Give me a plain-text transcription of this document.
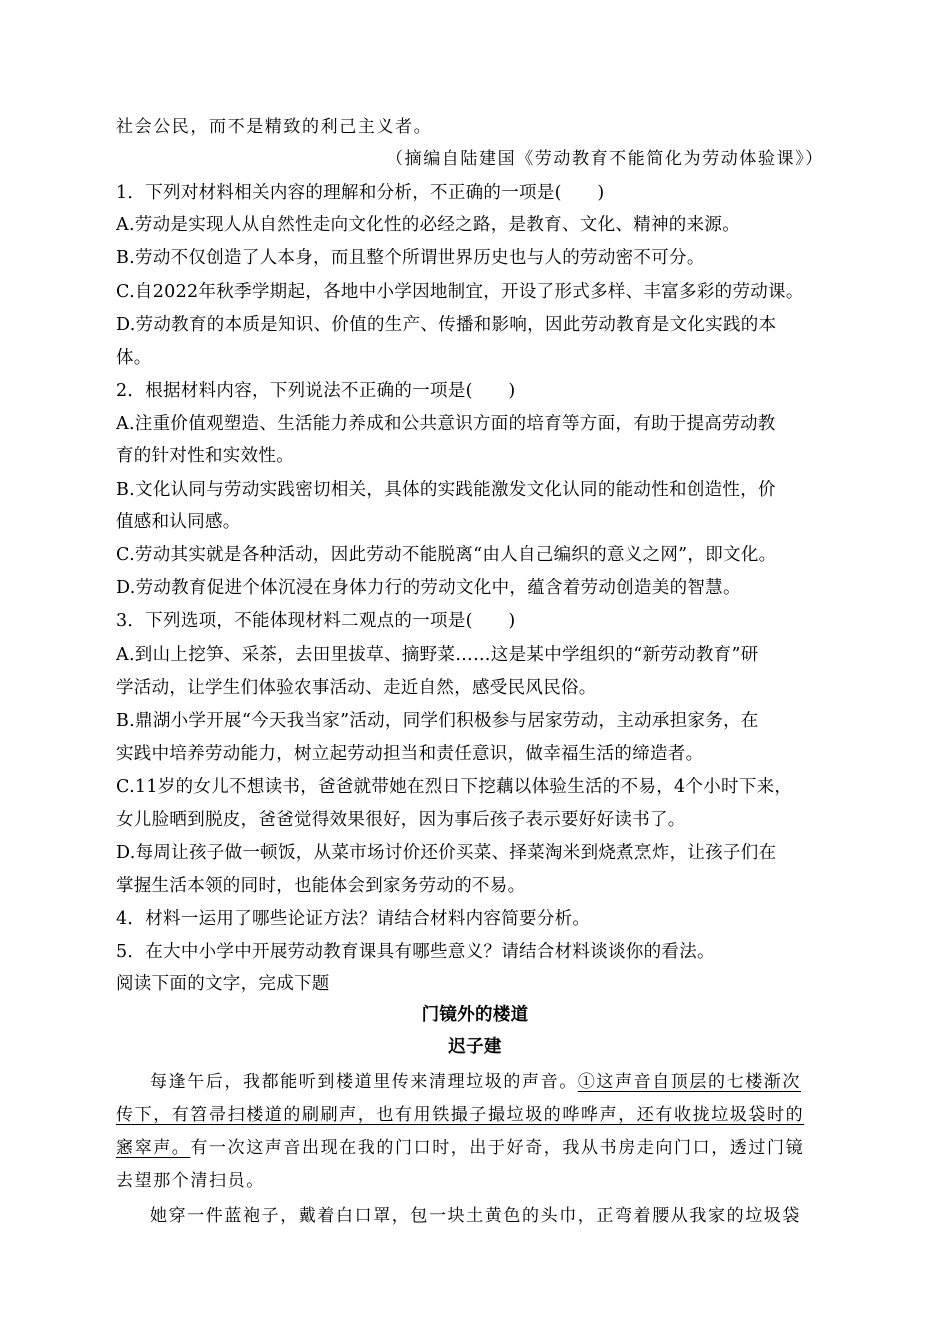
社会公民，而不是精致的利己主义者。
（摘编自陆建国《劳动教育不能简化为劳动体验课》）
1．下列对材料相关内容的理解和分析，不正确的一项是(　　)
A.劳动是实现人从自然性走向文化性的必经之路，是教育、文化、精神的来源。
B.劳动不仅创造了人本身，而且整个所谓世界历史也与人的劳动密不可分。
C.自2022年秋季学期起，各地中小学因地制宜，开设了形式多样、丰富多彩的劳动课。
D.劳动教育的本质是知识、价值的生产、传播和影响，因此劳动教育是文化实践的本
体。
2．根据材料内容，下列说法不正确的一项是(　　)
A.注重价值观塑造、生活能力养成和公共意识方面的培育等方面，有助于提高劳动教
育的针对性和实效性。
B.文化认同与劳动实践密切相关，具体的实践能激发文化认同的能动性和创造性，价
值感和认同感。
C.劳动其实就是各种活动，因此劳动不能脱离“由人自己编织的意义之网”，即文化。
D.劳动教育促进个体沉浸在身体力行的劳动文化中，蕴含着劳动创造美的智慧。
3．下列选项，不能体现材料二观点的一项是(　　)
A.到山上挖笋、采茶，去田里拔草、摘野菜……这是某中学组织的“新劳动教育”研
学活动，让学生们体验农事活动、走近自然，感受民风民俗。
B.鼎湖小学开展“今天我当家”活动，同学们积极参与居家劳动，主动承担家务，在
实践中培养劳动能力，树立起劳动担当和责任意识，做幸福生活的缔造者。
C.11岁的女儿不想读书，爸爸就带她在烈日下挖藕以体验生活的不易，4个小时下来，
女儿脸晒到脱皮，爸爸觉得效果很好，因为事后孩子表示要好好读书了。
D.每周让孩子做一顿饭，从菜市场讨价还价买菜、择菜淘米到烧煮烹炸，让孩子们在
掌握生活本领的同时，也能体会到家务劳动的不易。
4．材料一运用了哪些论证方法？请结合材料内容简要分析。
5．在大中小学中开展劳动教育课具有哪些意义？请结合材料谈谈你的看法。
阅读下面的文字，完成下题
门镜外的楼道
迟子建
每逢午后，我都能听到楼道里传来清理垃圾的声音。①这声音自顶层的七楼渐次
传下，有笤帚扫楼道的刷刷声，也有用铁撮子撮垃圾的哗哗声，还有收拢垃圾袋时的
窸窣声。有一次这声音出现在我的门口时，出于好奇，我从书房走向门口，透过门镜
去望那个清扫员。
她穿一件蓝袍子，戴着白口罩，包一块土黄色的头巾，正弯着腰从我家的垃圾袋
